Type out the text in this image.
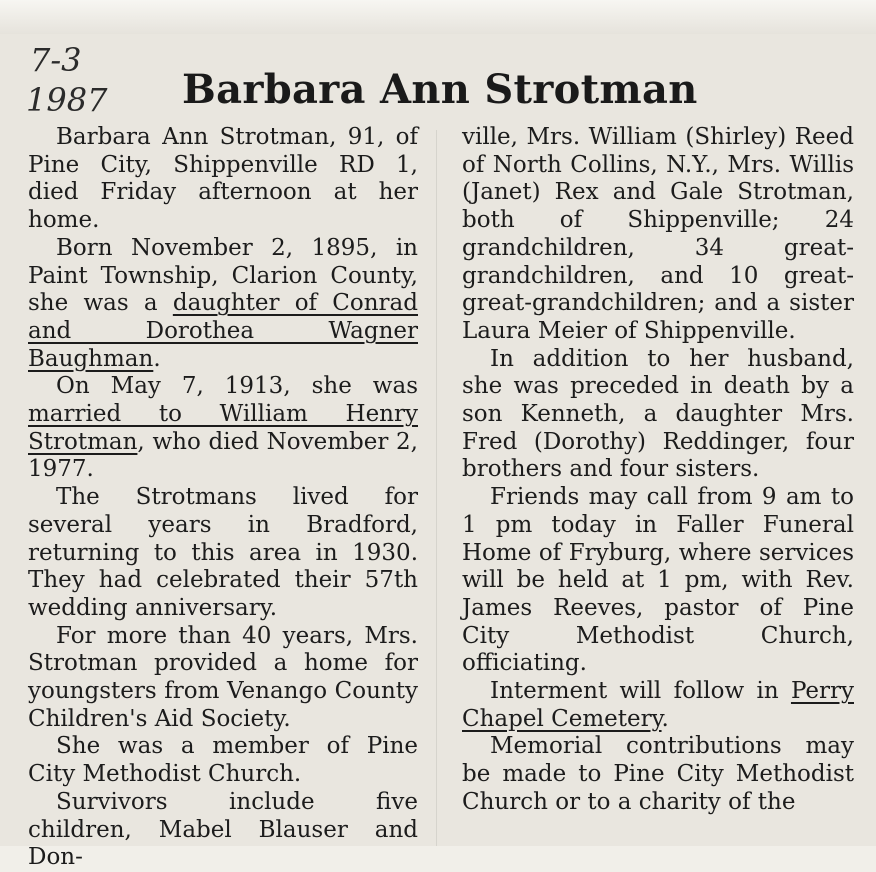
7-3
1987 Barbara Ann Strotman

Barbara Ann Strotman, 91, of Pine City, Shippenville RD 1, died Friday afternoon at her home.

Born November 2, 1895, in Paint Township, Clarion County, she was a daughter of Conrad and Dorothea Wagner Baughman.

On May 7, 1913, she was married to William Henry Strotman, who died November 2, 1977.

The Strotmans lived for several years in Bradford, returning to this area in 1930. They had celebrated their 57th wedding anniversary.

For more than 40 years, Mrs. Strotman provided a home for youngsters from Venango County Children's Aid Society.

She was a member of Pine City Methodist Church.

Survivors include five children, Mabel Blauser and Don-

ville, Mrs. William (Shirley) Reed of North Collins, N.Y., Mrs. Willis (Janet) Rex and Gale Strotman, both of Shippenville; 24 grandchildren, 34 great-grandchildren, and 10 great-great-grandchildren; and a sister Laura Meier of Shippenville.

In addition to her husband, she was preceded in death by a son Kenneth, a daughter Mrs. Fred (Dorothy) Reddinger, four brothers and four sisters.

Friends may call from 9 am to 1 pm today in Faller Funeral Home of Fryburg, where services will be held at 1 pm, with Rev. James Reeves, pastor of Pine City Methodist Church, officiating.

Interment will follow in Perry Chapel Cemetery.

Memorial contributions may be made to Pine City Methodist Church or to a charity of the
